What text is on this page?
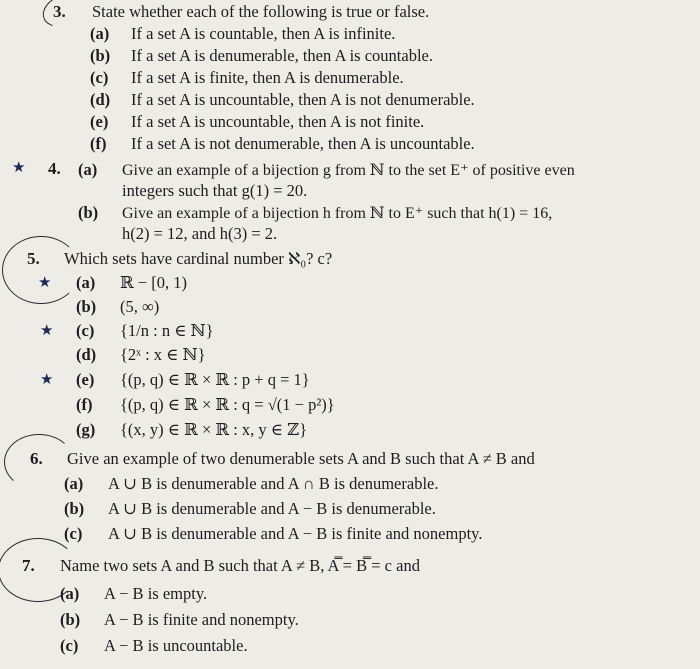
3. State whether each of the following is true or false.
(a) If a set A is countable, then A is infinite.
(b) If a set A is denumerable, then A is countable.
(c) If a set A is finite, then A is denumerable.
(d) If a set A is uncountable, then A is not denumerable.
(e) If a set A is uncountable, then A is not finite.
(f) If a set A is not denumerable, then A is uncountable.
★ 4. (a) Give an example of a bijection g from ℕ to the set E⁺ of positive even
integers such that g(1) = 20.
(b) Give an example of a bijection h from ℕ to E⁺ such that h(1) = 16,
h(2) = 12, and h(3) = 2.
5. Which sets have cardinal number ℵ₀? c?
★ (a) ℝ − [0, 1)
(b) (5, ∞)
★ (c) {1/n : n ∈ ℕ}
(d) {2ˣ : x ∈ ℕ}
★ (e) {(p, q) ∈ ℝ × ℝ : p + q = 1}
(f) {(p, q) ∈ ℝ × ℝ : q = √(1 − p²)}
(g) {(x, y) ∈ ℝ × ℝ : x, y ∈ ℤ}
6. Give an example of two denumerable sets A and B such that A ≠ B and
(a) A ∪ B is denumerable and A ∩ B is denumerable.
(b) A ∪ B is denumerable and A − B is denumerable.
(c) A ∪ B is denumerable and A − B is finite and nonempty.
7. Name two sets A and B such that A ≠ B, A̿ = B̿ = c and
(a) A − B is empty.
(b) A − B is finite and nonempty.
(c) A − B is uncountable.
